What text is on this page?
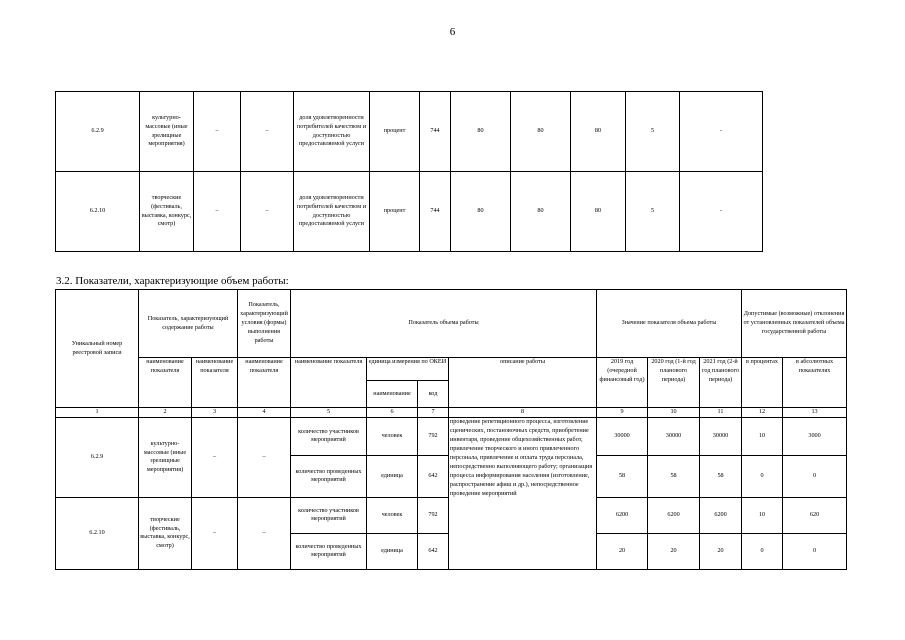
6
6.2.9	культурно-массовые (иные зрелищные мероприятия)	–	–	доля удовлетворенности потребителей качеством и доступностью предоставляемой услуги	процент	744	80	80	80	5	-
6.2.10	творческие (фестиваль, выставка, конкурс, смотр)	–	–	доля удовлетворенности потребителей качеством и доступностью предоставляемой услуги	процент	744	80	80	80	5	-
3.2. Показатели, характеризующие объем работы:
Уникальный номер реестровой записи	Показатель, характеризующий содержание работы		Показатель, характеризующий условия (формы) выполнения работы	Показатель объема работы				Значение показателя объема работы			Допустимые (возможные) отклонения от установленных показателей объема государственной работы	
	наименование показателя	наименование показателя	наименование показателя	наименование показателя	единица измерения по ОКЕИ		описание работы	2019 год (очередной финансовый год)	2020 год (1-й год планового периода)	2021 год (2-й год планового периода)	в процентах	в абсолютных показателях
					наименование	код						
1	2	3	4	5	6	7	8	9	10	11	12	13
6.2.9	культурно-массовые (иные зрелищные мероприятия)	–	–	количество участников мероприятий	человек	792	проведение репетиционного процесса, изготовление сценических, постановочных средств, приобретение инвентаря, проведение общехозяйственных работ, привлечение творческого и иного привлеченного персонала, привлечение и оплата труда персонала, непосредственно выполняющего работу; организация процесса информирования населения (изготовление, распространение афиш и др.), непосредственное проведение мероприятий	30000	30000	30000	10	3000
				количество проведенных мероприятий	единица	642		58	58	58	0	0
6.2.10	творческие (фестиваль, выставка, конкурс, смотр)	–	–	количество участников мероприятий	человек	792		6200	6200	6200	10	620
				количество проведенных мероприятий	единица	642		20	20	20	0	0
